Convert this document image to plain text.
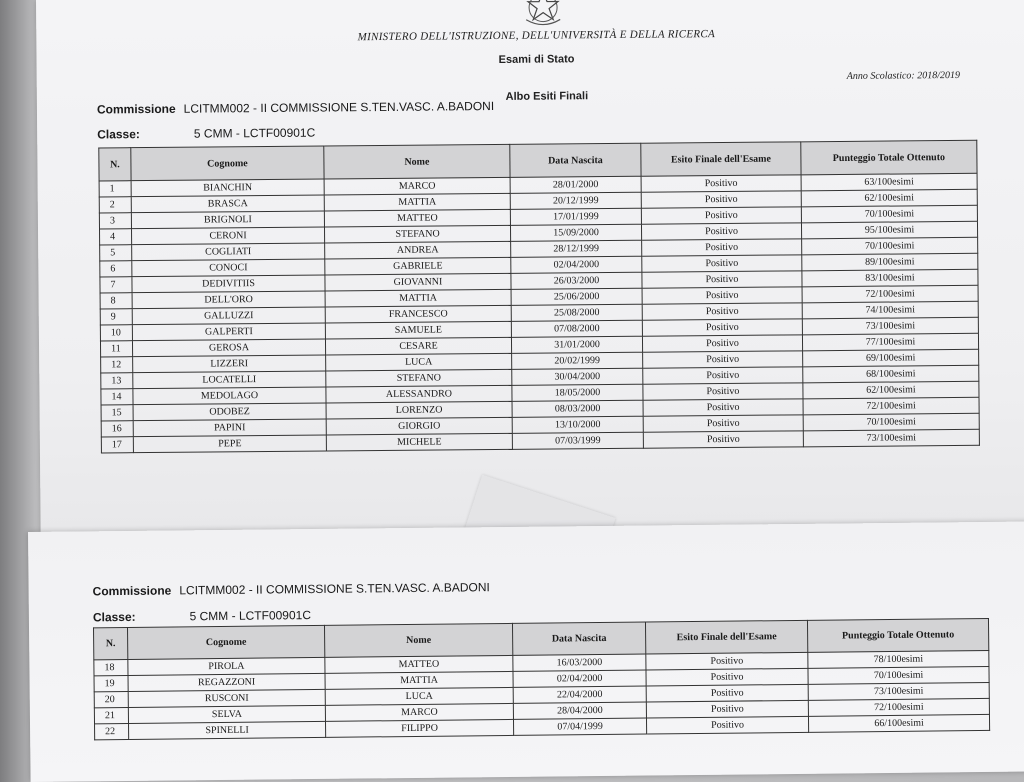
MINISTERO DELL'ISTRUZIONE, DELL'UNIVERSITÀ E DELLA RICERCA
Esami di Stato
Anno Scolastico: 2018/2019
Albo Esiti Finali
Commissione LCITMM002 - II COMMISSIONE S.TEN.VASC. A.BADONI
Classe:	5 CMM - LCTF00901C
N.	Cognome	Nome	Data Nascita	Esito Finale dell'Esame	Punteggio Totale Ottenuto
1	BIANCHIN	MARCO	28/01/2000	Positivo	63/100esimi
2	BRASCA	MATTIA	20/12/1999	Positivo	62/100esimi
3	BRIGNOLI	MATTEO	17/01/1999	Positivo	70/100esimi
4	CERONI	STEFANO	15/09/2000	Positivo	95/100esimi
5	COGLIATI	ANDREA	28/12/1999	Positivo	70/100esimi
6	CONOCI	GABRIELE	02/04/2000	Positivo	89/100esimi
7	DEDIVITIIS	GIOVANNI	26/03/2000	Positivo	83/100esimi
8	DELL'ORO	MATTIA	25/06/2000	Positivo	72/100esimi
9	GALLUZZI	FRANCESCO	25/08/2000	Positivo	74/100esimi
10	GALPERTI	SAMUELE	07/08/2000	Positivo	73/100esimi
11	GEROSA	CESARE	31/01/2000	Positivo	77/100esimi
12	LIZZERI	LUCA	20/02/1999	Positivo	69/100esimi
13	LOCATELLI	STEFANO	30/04/2000	Positivo	68/100esimi
14	MEDOLAGO	ALESSANDRO	18/05/2000	Positivo	62/100esimi
15	ODOBEZ	LORENZO	08/03/2000	Positivo	72/100esimi
16	PAPINI	GIORGIO	13/10/2000	Positivo	70/100esimi
17	PEPE	MICHELE	07/03/1999	Positivo	73/100esimi
Commissione LCITMM002 - II COMMISSIONE S.TEN.VASC. A.BADONI
Classe:	5 CMM - LCTF00901C
N.	Cognome	Nome	Data Nascita	Esito Finale dell'Esame	Punteggio Totale Ottenuto
18	PIROLA	MATTEO	16/03/2000	Positivo	78/100esimi
19	REGAZZONI	MATTIA	02/04/2000	Positivo	70/100esimi
20	RUSCONI	LUCA	22/04/2000	Positivo	73/100esimi
21	SELVA	MARCO	28/04/2000	Positivo	72/100esimi
22	SPINELLI	FILIPPO	07/04/1999	Positivo	66/100esimi
